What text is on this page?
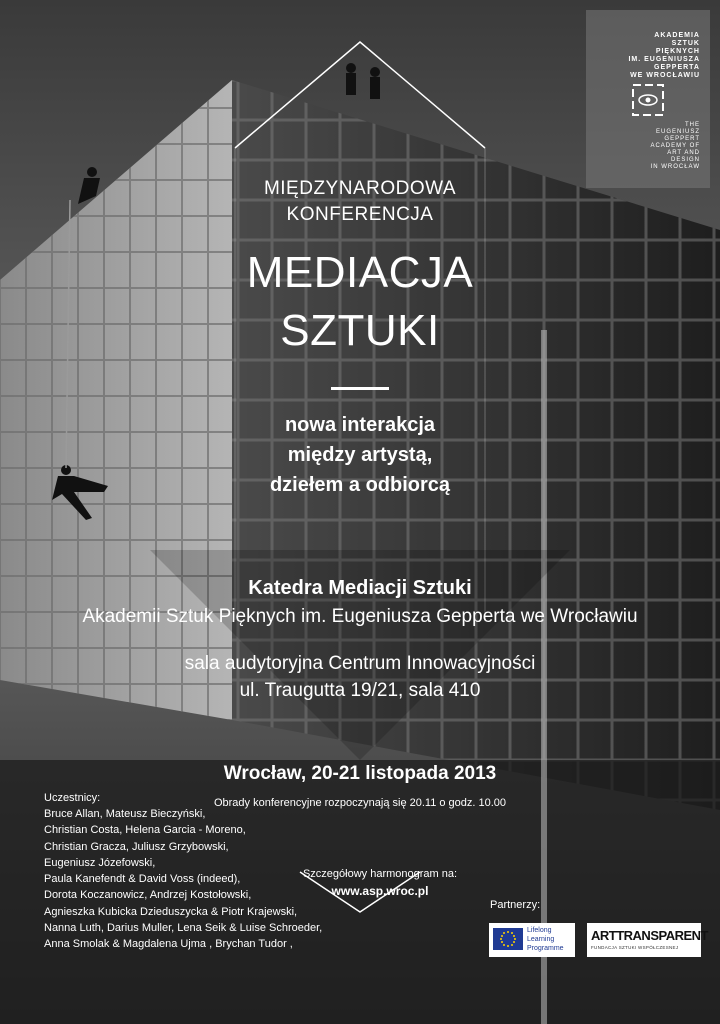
AKADEMIA
SZTUK
PIĘKNYCH
IM. EUGENIUSZA
GEPPERTA
WE WROCŁAWIU
THE
EUGENIUSZ
GEPPERT
ACADEMY OF
ART AND
DESIGN
IN WROCŁAW
MIĘDZYNARODOWA
KONFERENCJA
MEDIACJA
SZTUKI
nowa interakcja
między artystą,
dziełem a odbiorcą
Katedra Mediacji Sztuki
Akademii Sztuk Pięknych im. Eugeniusza Gepperta we Wrocławiu
sala audytoryjna Centrum Innowacyjności
ul. Traugutta 19/21, sala 410
Wrocław, 20-21 listopada 2013
Obrady konferencyjne rozpoczynają się 20.11 o godz. 10.00
Uczestnicy:
Bruce Allan, Mateusz Bieczyński,
Christian Costa, Helena Garcia - Moreno,
Christian Gracza, Juliusz Grzybowski,
Eugeniusz Józefowski,
Paula Kanefendt & David Voss (indeed),
Dorota Koczanowicz, Andrzej Kostołowski,
Agnieszka Kubicka Dzieduszycka & Piotr Krajewski,
Nanna Luth, Darius Muller, Lena Seik & Luise Schroeder,
Anna Smolak & Magdalena Ujma , Brychan Tudor ,
Szczegółowy harmonogram na:
www.asp.wroc.pl
Partnerzy:
Lifelong
Learning
Programme
ARTTRANSPARENT
FUNDACJA SZTUKI WSPÓŁCZESNEJ
